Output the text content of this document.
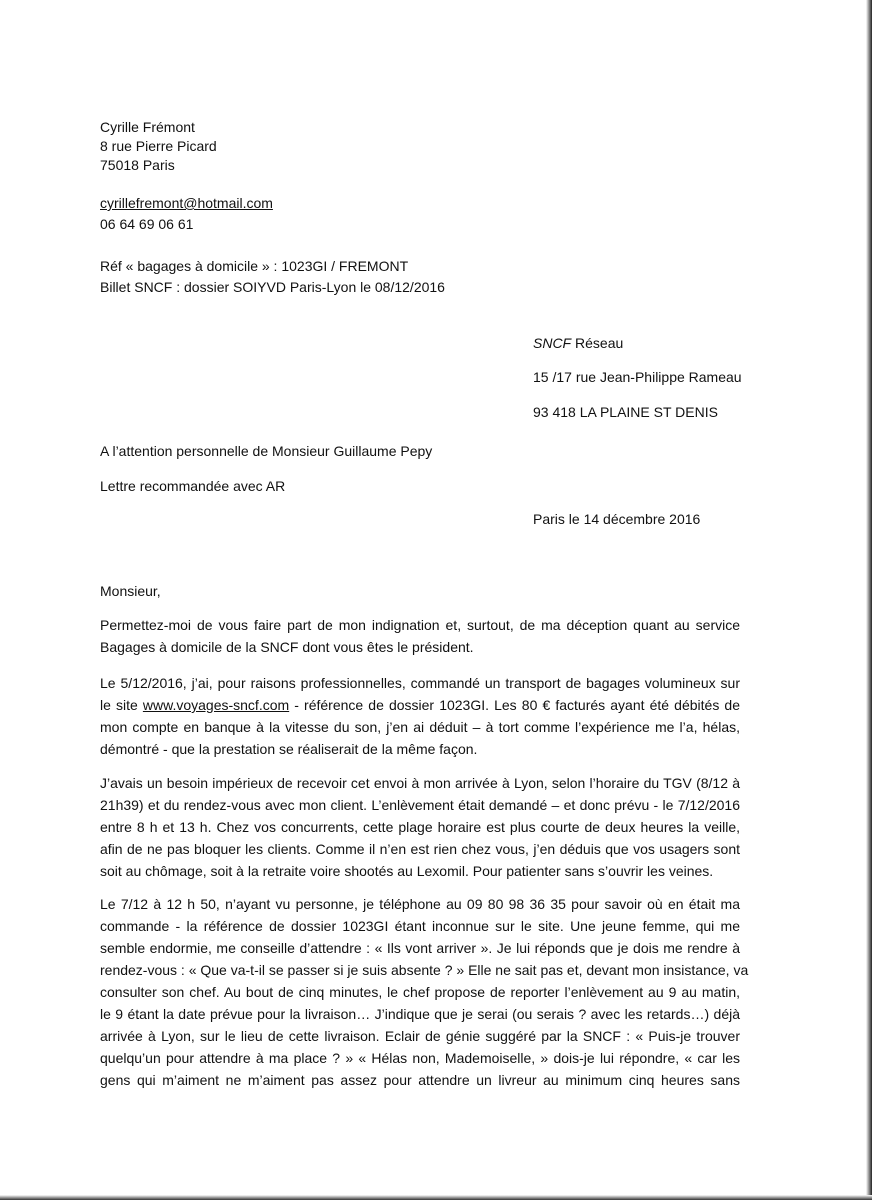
Cyrille Frémont
8 rue Pierre Picard
75018 Paris
cyrillefremont@hotmail.com
06 64 69 06 61
Réf « bagages à domicile » : 1023GI / FREMONT
Billet SNCF : dossier SOIYVD Paris-Lyon le 08/12/2016
SNCF Réseau
15 /17 rue Jean-Philippe Rameau
93 418 LA PLAINE ST DENIS
A l’attention personnelle de Monsieur Guillaume Pepy
Lettre recommandée avec AR
Paris le 14 décembre 2016
Monsieur,
Permettez-moi de vous faire part de mon indignation et, surtout, de ma déception quant au service
Bagages à domicile de la SNCF dont vous êtes le président.
Le 5/12/2016, j’ai, pour raisons professionnelles, commandé un transport de bagages volumineux sur
le site www.voyages-sncf.com - référence de dossier 1023GI. Les 80 € facturés ayant été débités de
mon compte en banque à la vitesse du son, j’en ai déduit – à tort comme l’expérience me l’a, hélas,
démontré - que la prestation se réaliserait de la même façon.
J’avais un besoin impérieux de recevoir cet envoi à mon arrivée à Lyon, selon l’horaire du TGV (8/12 à
21h39) et du rendez-vous avec mon client. L’enlèvement était demandé – et donc prévu - le 7/12/2016
entre 8 h et 13 h. Chez vos concurrents, cette plage horaire est plus courte de deux heures la veille,
afin de ne pas bloquer les clients. Comme il n’en est rien chez vous, j’en déduis que vos usagers sont
soit au chômage, soit à la retraite voire shootés au Lexomil. Pour patienter sans s’ouvrir les veines.
Le 7/12 à 12 h 50, n’ayant vu personne, je téléphone au 09 80 98 36 35 pour savoir où en était ma
commande - la référence de dossier 1023GI étant inconnue sur le site. Une jeune femme, qui me
semble endormie, me conseille d’attendre : « Ils vont arriver ». Je lui réponds que je dois me rendre à
rendez-vous : « Que va-t-il se passer si je suis absente ? » Elle ne sait pas et, devant mon insistance, va
consulter son chef. Au bout de cinq minutes, le chef propose de reporter l’enlèvement au 9 au matin,
le 9 étant la date prévue pour la livraison… J’indique que je serai (ou serais ? avec les retards…) déjà
arrivée à Lyon, sur le lieu de cette livraison. Eclair de génie suggéré par la SNCF : « Puis-je trouver
quelqu’un pour attendre à ma place ? » « Hélas non, Mademoiselle, » dois-je lui répondre, « car les
gens qui m’aiment ne m’aiment pas assez pour attendre un livreur au minimum cinq heures sans
